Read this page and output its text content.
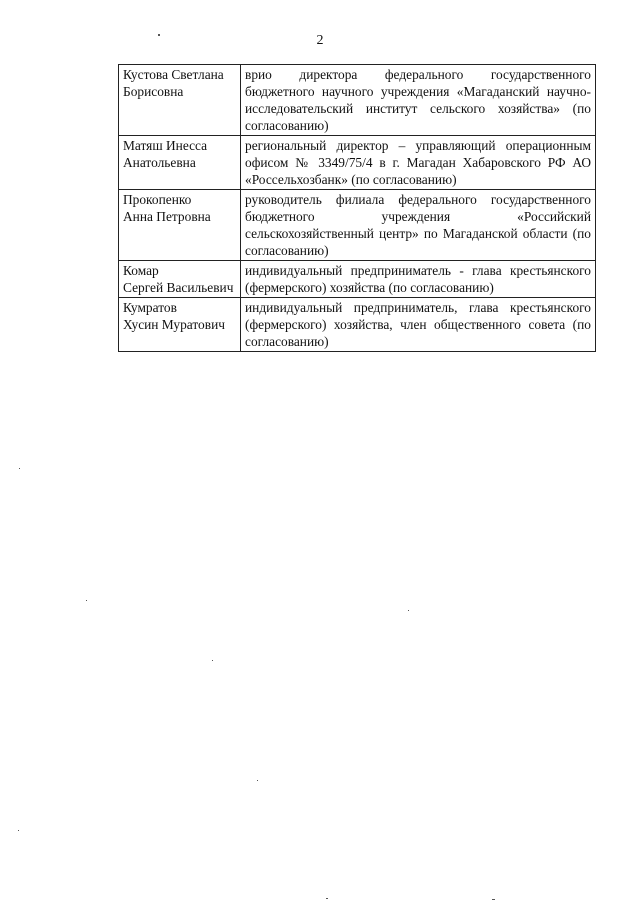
2
Кустова Светлана
Борисовна	врио директора федерального государственного бюджетного научного учреждения «Магаданский научно-исследовательский институт сельского хозяйства» (по согласованию)

Матяш Инесса
Анатольевна	региональный директор – управляющий операционным офисом № 3349/75/4 в г. Магадан Хабаровского РФ АО «Россельхозбанк» (по согласованию)

Прокопенко
Анна Петровна	руководитель филиала федерального государственного бюджетного учреждения «Российский сельскохозяйственный центр» по Магаданской области (по согласованию)

Комар
Сергей Васильевич	индивидуальный предприниматель - глава крестьянского (фермерского) хозяйства (по согласованию)

Кумратов
Хусин Муратович	индивидуальный предприниматель, глава крестьянского (фермерского) хозяйства, член общественного совета (по согласованию)
